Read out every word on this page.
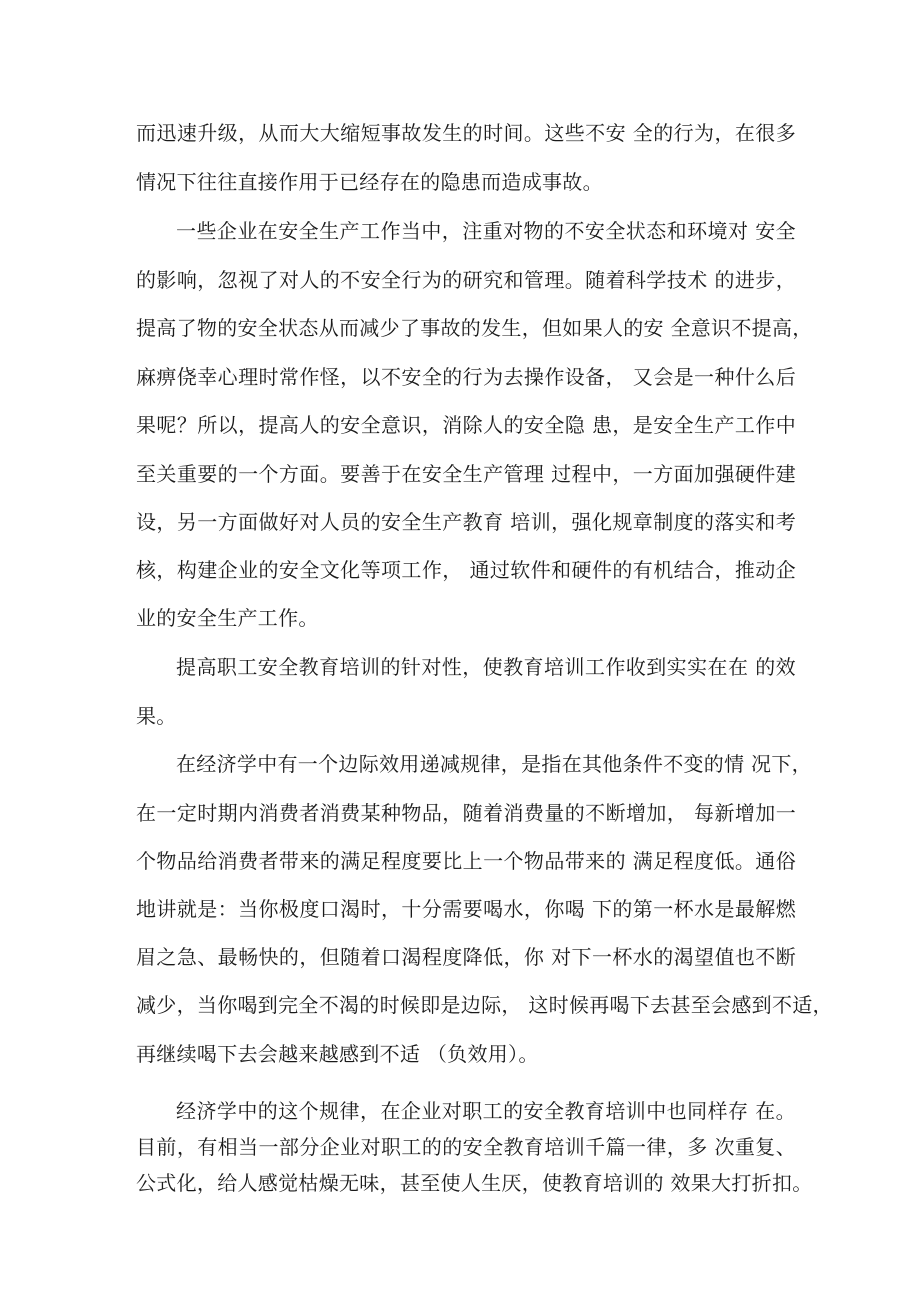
而迅速升级，从而大大缩短事故发生的时间。这些不安 全的行为，在很多
情况下往往直接作用于已经存在的隐患而造成事故。
一些企业在安全生产工作当中，注重对物的不安全状态和环境对 安全
的影响，忽视了对人的不安全行为的研究和管理。随着科学技术 的进步，
提高了物的安全状态从而减少了事故的发生，但如果人的安 全意识不提高，
麻痹侥幸心理时常作怪，以不安全的行为去操作设备， 又会是一种什么后
果呢？所以，提高人的安全意识，消除人的安全隐 患，是安全生产工作中
至关重要的一个方面。要善于在安全生产管理 过程中，一方面加强硬件建
设，另一方面做好对人员的安全生产教育 培训，强化规章制度的落实和考
核，构建企业的安全文化等项工作， 通过软件和硬件的有机结合，推动企
业的安全生产工作。
提高职工安全教育培训的针对性，使教育培训工作收到实实在在 的效
果。
在经济学中有一个边际效用递减规律，是指在其他条件不变的情 况下，
在一定时期内消费者消费某种物品，随着消费量的不断增加， 每新增加一
个物品给消费者带来的满足程度要比上一个物品带来的 满足程度低。通俗
地讲就是：当你极度口渴时，十分需要喝水，你喝 下的第一杯水是最解燃
眉之急、最畅快的，但随着口渴程度降低，你 对下一杯水的渴望值也不断
减少，当你喝到完全不渴的时候即是边际， 这时候再喝下去甚至会感到不适，
再继续喝下去会越来越感到不适 （负效用）。
经济学中的这个规律，在企业对职工的安全教育培训中也同样存 在。
目前，有相当一部分企业对职工的的安全教育培训千篇一律，多 次重复、
公式化，给人感觉枯燥无味，甚至使人生厌，使教育培训的 效果大打折扣。
